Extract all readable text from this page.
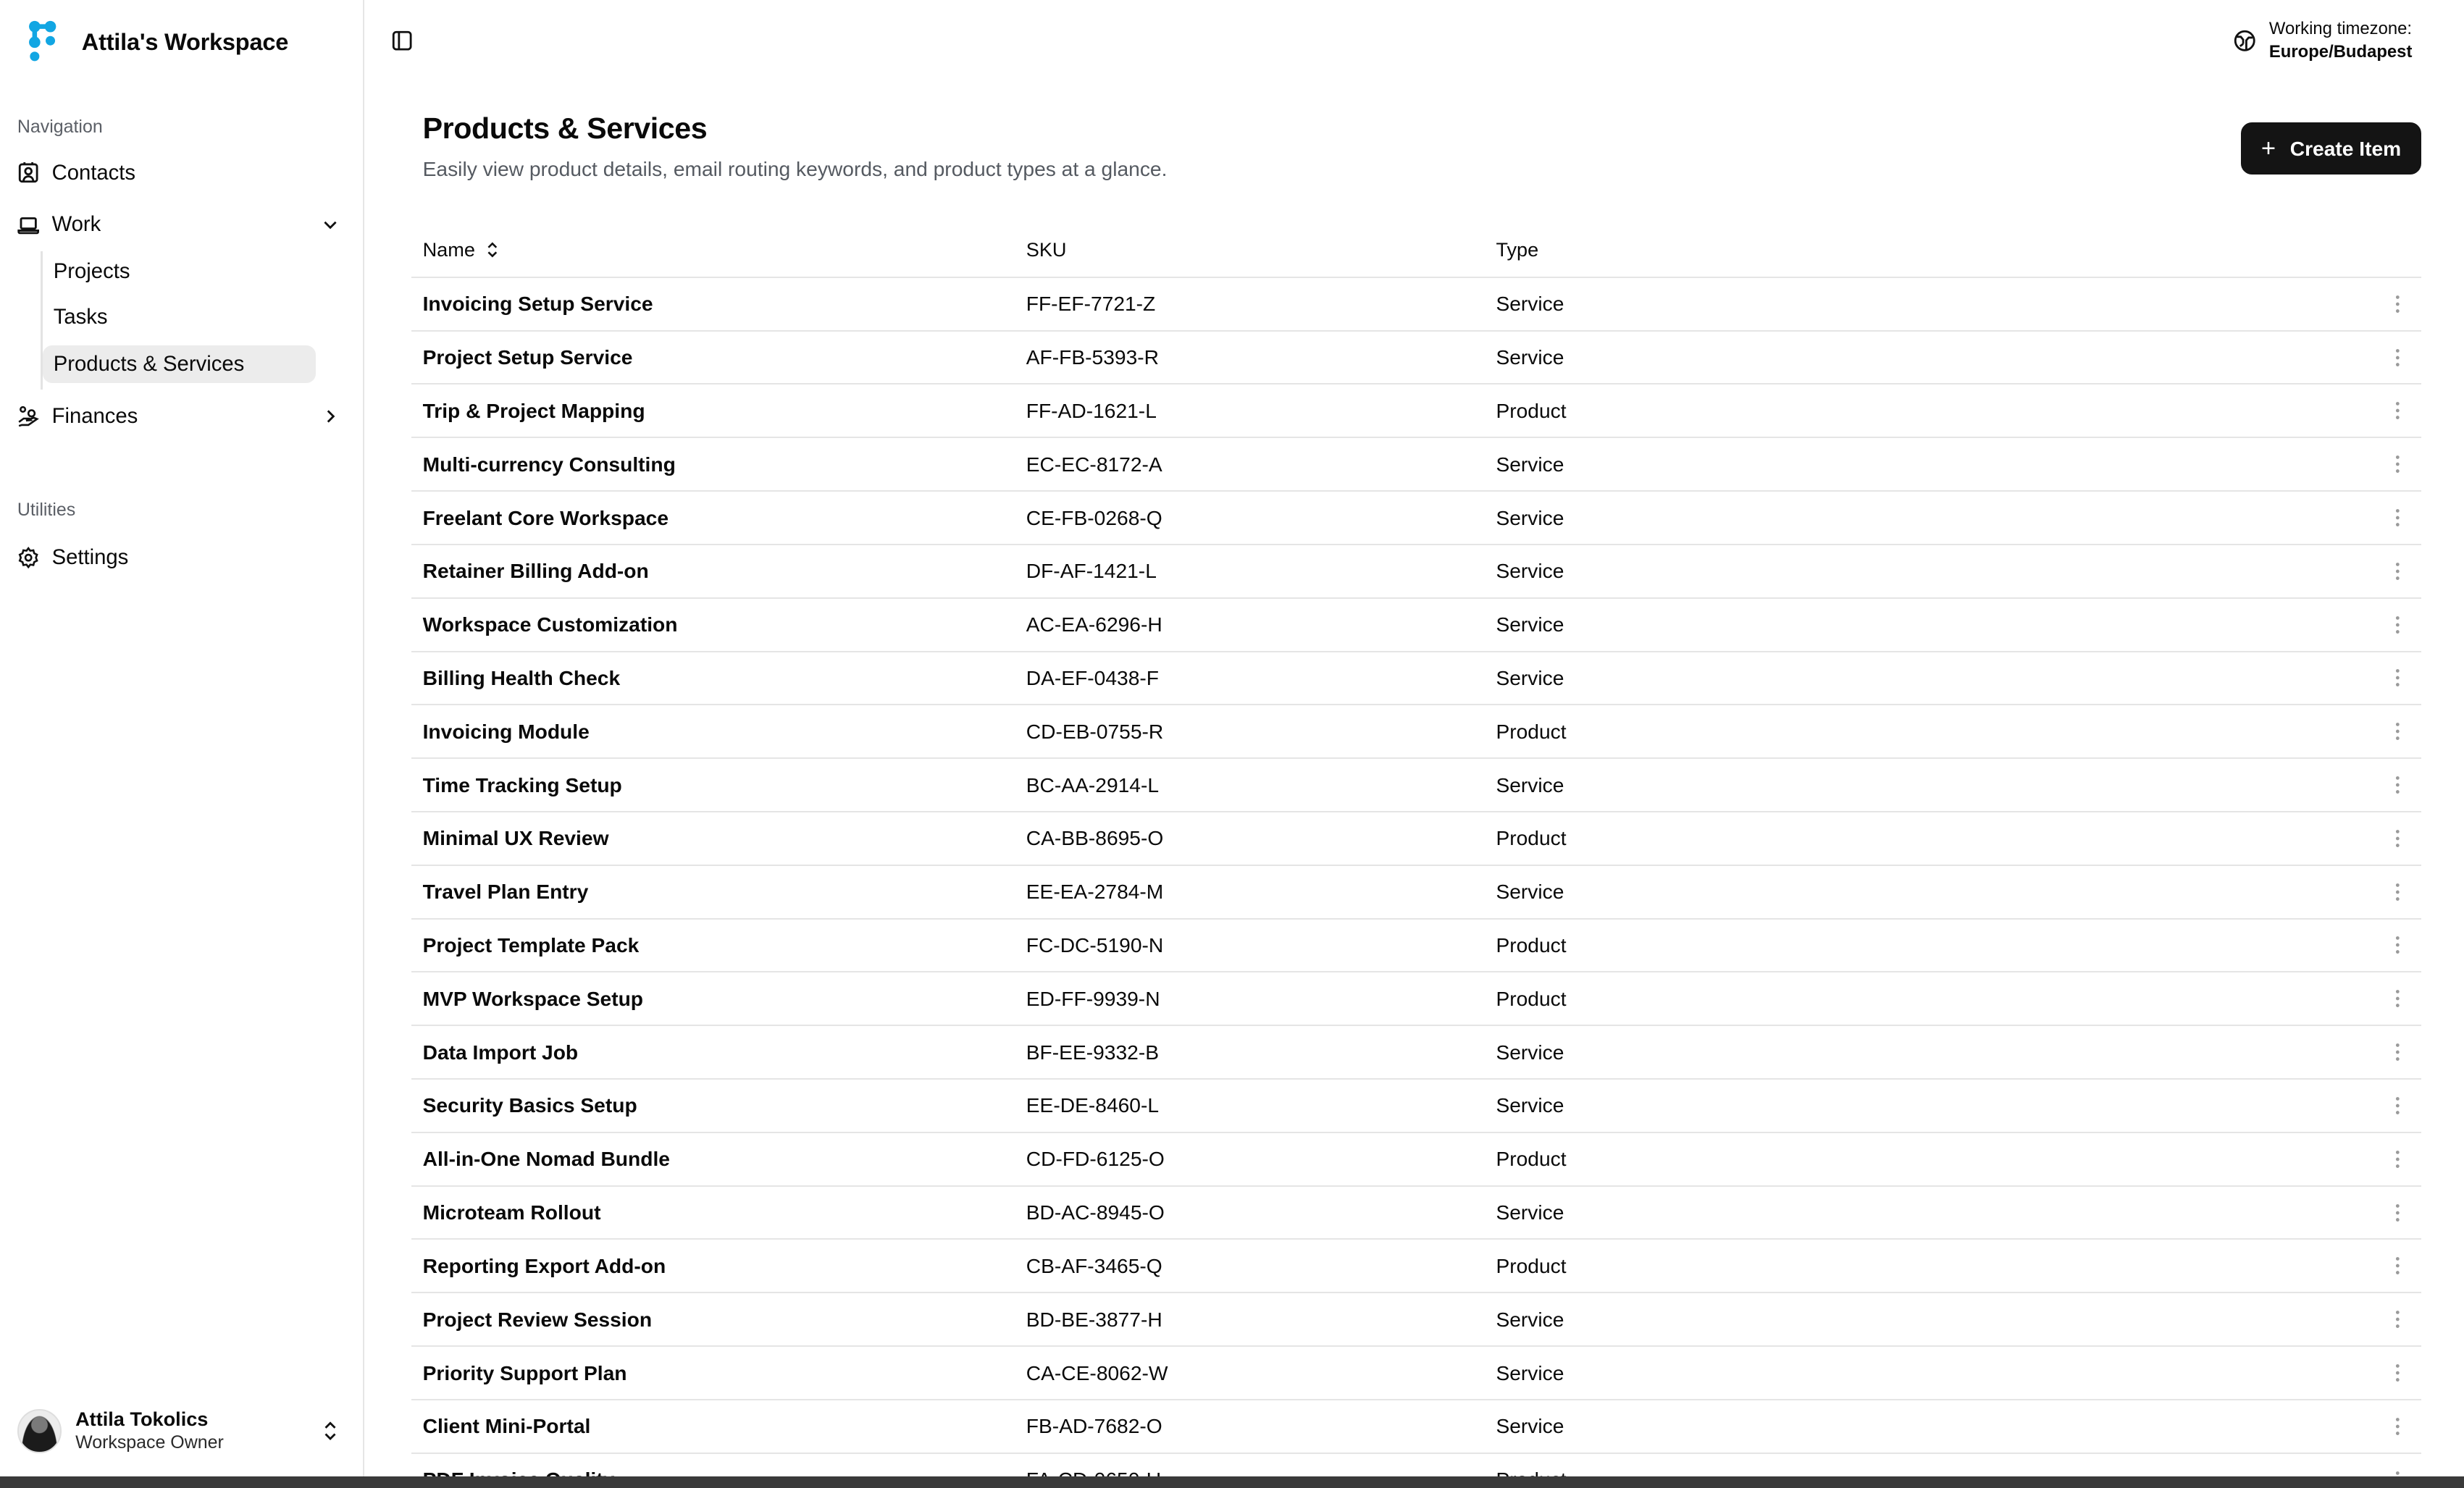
Attila's Workspace
Navigation
Contacts
Work
Projects
Tasks
Products & Services
Finances
Utilities
Settings
Attila Tokolics
Workspace Owner
Working timezone:
Europe/Budapest
Products & Services

Easily view product details, email routing keywords, and product types at a glance.

+ Create Item
Name	SKU	Type
Invoicing Setup Service	FF-EF-7721-Z	Service
Project Setup Service	AF-FB-5393-R	Service
Trip & Project Mapping	FF-AD-1621-L	Product
Multi-currency Consulting	EC-EC-8172-A	Service
Freelant Core Workspace	CE-FB-0268-Q	Service
Retainer Billing Add-on	DF-AF-1421-L	Service
Workspace Customization	AC-EA-6296-H	Service
Billing Health Check	DA-EF-0438-F	Service
Invoicing Module	CD-EB-0755-R	Product
Time Tracking Setup	BC-AA-2914-L	Service
Minimal UX Review	CA-BB-8695-O	Product
Travel Plan Entry	EE-EA-2784-M	Service
Project Template Pack	FC-DC-5190-N	Product
MVP Workspace Setup	ED-FF-9939-N	Product
Data Import Job	BF-EE-9332-B	Service
Security Basics Setup	EE-DE-8460-L	Service
All-in-One Nomad Bundle	CD-FD-6125-O	Product
Microteam Rollout	BD-AC-8945-O	Service
Reporting Export Add-on	CB-AF-3465-Q	Product
Project Review Session	BD-BE-3877-H	Service
Priority Support Plan	CA-CE-8062-W	Service
Client Mini-Portal	FB-AD-7682-O	Service
